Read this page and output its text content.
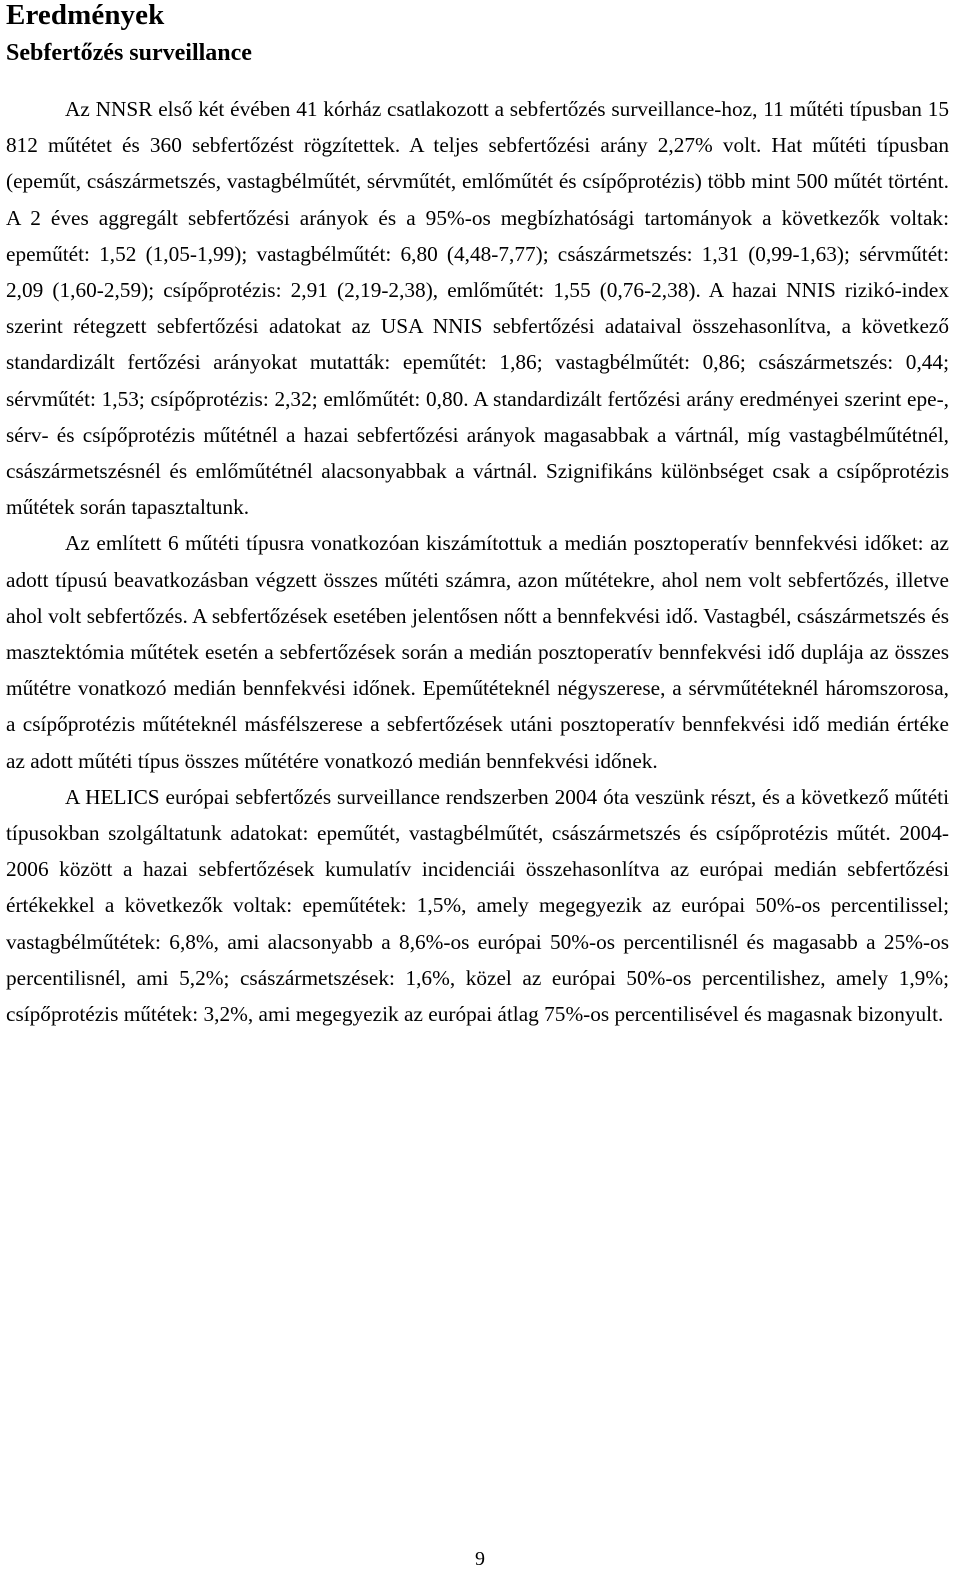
Eredmények
Sebfertőzés surveillance

Az NNSR első két évében 41 kórház csatlakozott a sebfertőzés surveillance-hoz, 11 műtéti típusban 15 812 műtétet és 360 sebfertőzést rögzítettek. A teljes sebfertőzési arány 2,27% volt. Hat műtéti típusban (epeműt, császármetszés, vastagbélműtét, sérvműtét, emlőműtét és csípőprotézis) több mint 500 műtét történt. A 2 éves aggregált sebfertőzési arányok és a 95%-os megbízhatósági tartományok a következők voltak: epeműtét: 1,52 (1,05-1,99); vastagbélműtét: 6,80 (4,48-7,77); császármetszés: 1,31 (0,99-1,63); sérvműtét: 2,09 (1,60-2,59); csípőprotézis: 2,91 (2,19-2,38), emlőműtét: 1,55 (0,76-2,38). A hazai NNIS rizikó-index szerint rétegzett sebfertőzési adatokat az USA NNIS sebfertőzési adataival összehasonlítva, a következő standardizált fertőzési arányokat mutatták: epeműtét: 1,86; vastagbélműtét: 0,86; császármetszés: 0,44; sérvműtét: 1,53; csípőprotézis: 2,32; emlőműtét: 0,80. A standardizált fertőzési arány eredményei szerint epe-, sérv- és csípőprotézis műtétnél a hazai sebfertőzési arányok magasabbak a vártnál, míg vastagbélműtétnél, császármetszésnél és emlőműtétnél alacsonyabbak a vártnál. Szignifikáns különbséget csak a csípőprotézis műtétek során tapasztaltunk.

Az említett 6 műtéti típusra vonatkozóan kiszámítottuk a medián posztoperatív bennfekvési időket: az adott típusú beavatkozásban végzett összes műtéti számra, azon műtétekre, ahol nem volt sebfertőzés, illetve ahol volt sebfertőzés. A sebfertőzések esetében jelentősen nőtt a bennfekvési idő. Vastagbél, császármetszés és masztektómia műtétek esetén a sebfertőzések során a medián posztoperatív bennfekvési idő duplája az összes műtétre vonatkozó medián bennfekvési időnek. Epeműtéteknél négyszerese, a sérvműtéteknél háromszorosa, a csípőprotézis műtéteknél másfélszerese a sebfertőzések utáni posztoperatív bennfekvési idő medián értéke az adott műtéti típus összes műtétére vonatkozó medián bennfekvési időnek.

A HELICS európai sebfertőzés surveillance rendszerben 2004 óta veszünk részt, és a következő műtéti típusokban szolgáltatunk adatokat: epeműtét, vastagbélműtét, császármetszés és csípőprotézis műtét. 2004-2006 között a hazai sebfertőzések kumulatív incidenciái összehasonlítva az európai medián sebfertőzési értékekkel a következők voltak: epeműtétek: 1,5%, amely megegyezik az európai 50%-os percentilissel; vastagbélműtétek: 6,8%, ami alacsonyabb a 8,6%-os európai 50%-os percentilisnél és magasabb a 25%-os percentilisnél, ami 5,2%; császármetszések: 1,6%, közel az európai 50%-os percentilishez, amely 1,9%; csípőprotézis műtétek: 3,2%, ami megegyezik az európai átlag 75%-os percentilisével és magasnak bizonyult.

9
